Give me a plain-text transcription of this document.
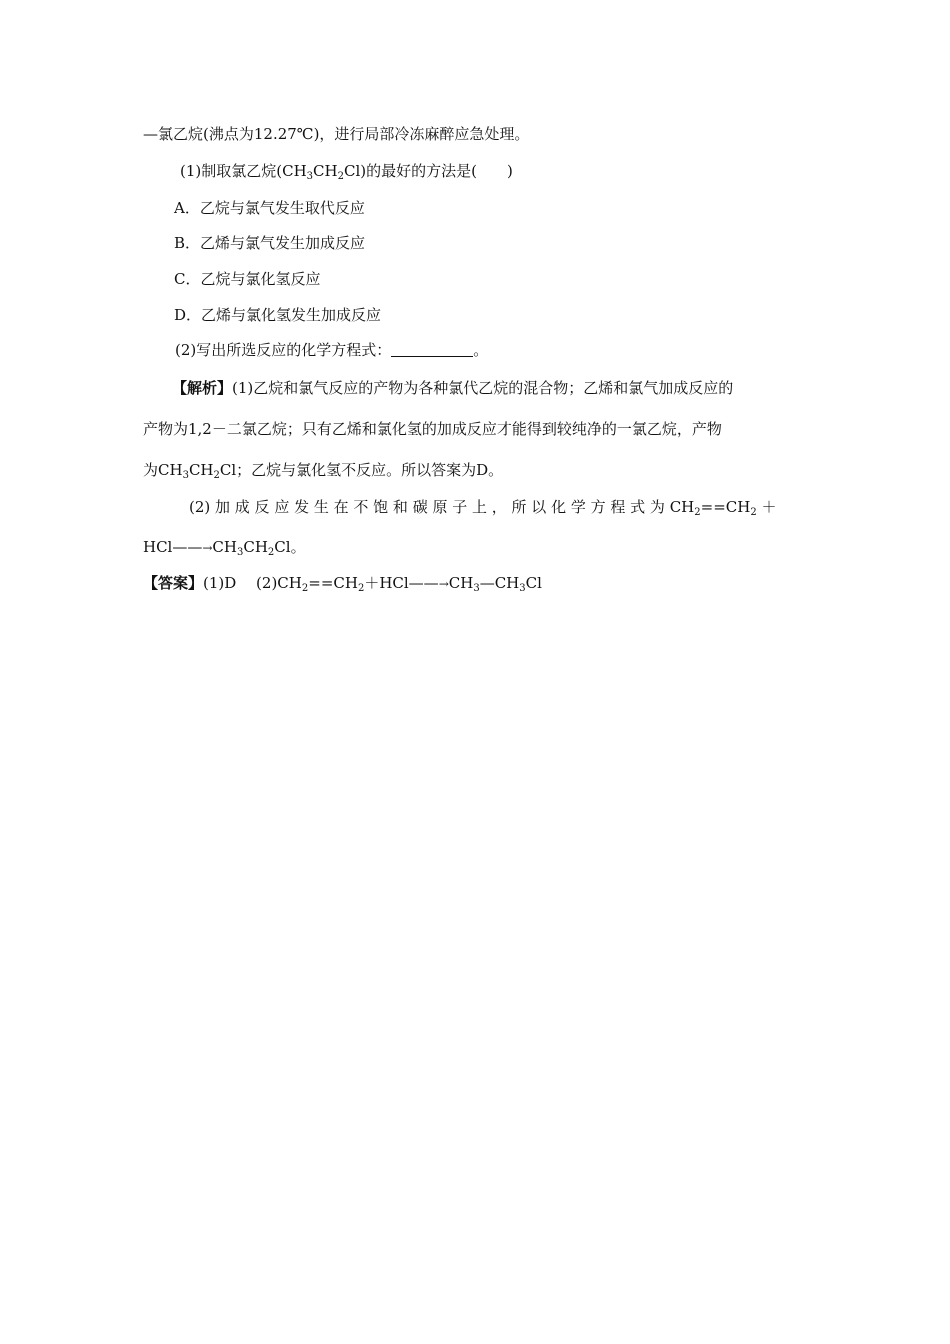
—氯乙烷(沸点为12.27℃)，进行局部冷冻麻醉应急处理。
(1)制取氯乙烷$(CH_3CH_2Cl)$的最好的方法是(　　)
A．乙烷与氯气发生取代反应
B．乙烯与氯气发生加成反应
C．乙烷与氯化氢反应
D．乙烯与氯化氢发生加成反应
(2)写出所选反应的化学方程式：	。
【解析】(1)乙烷和氯气反应的产物为各种氯代乙烷的混合物；乙烯和氯气加成反应的
产物为1,2－二氯乙烷；只有乙烯和氯化氢的加成反应才能得到较纯净的一氯乙烷，产物
为$CH_3CH_2Cl$；乙烷与氯化氢不反应。所以答案为D。
(2) 加 成 反 应 发 生 在 不 饱 和 碳 原 子 上 ， 所 以 化 学 方 程 式 为 $CH_2==CH_2$ ＋
$HCl——\to CH_3CH_2Cl$。
【答案】(1)D　 $(2)CH_2==CH_2+HCl——\to CH_3—CH_3Cl$
